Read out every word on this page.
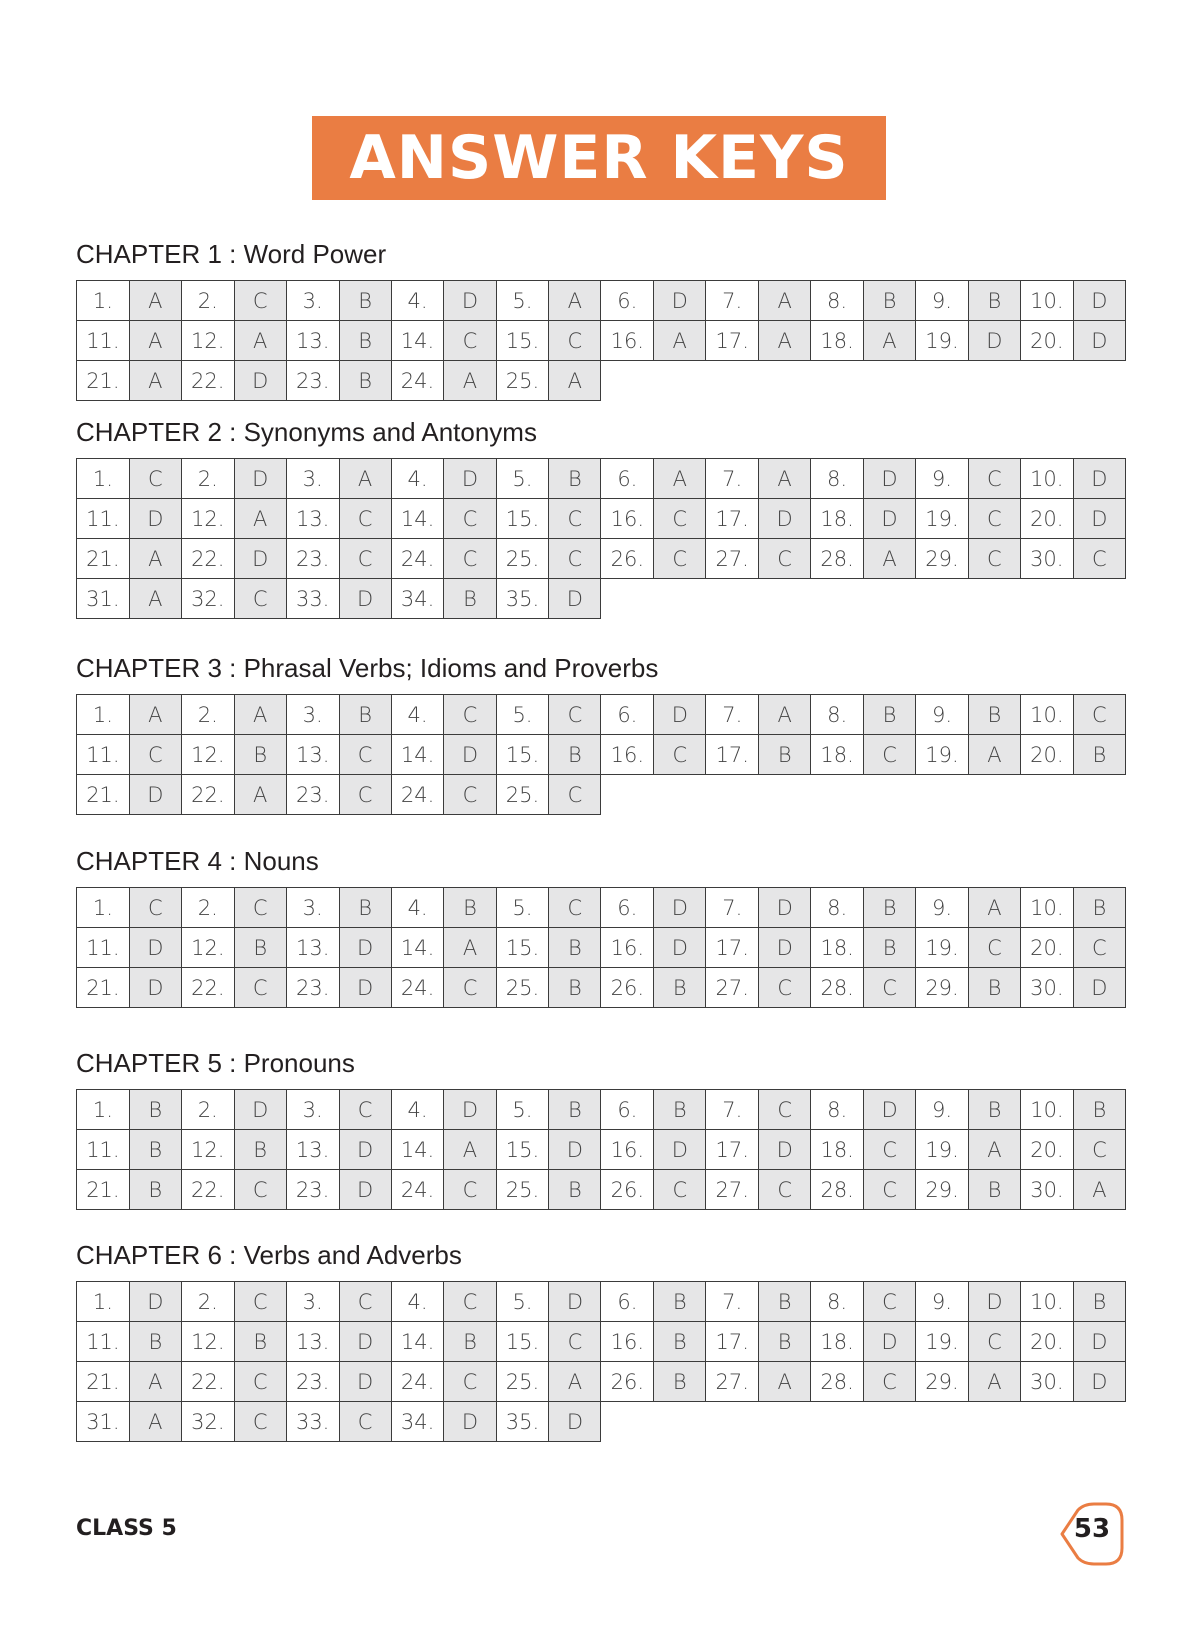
ANSWER KEYS
CHAPTER 1 : Word Power
1.	A	2.	C	3.	B	4.	D	5.	A	6.	D	7.	A	8.	B	9.	B	10.	D
11.	A	12.	A	13.	B	14.	C	15.	C	16.	A	17.	A	18.	A	19.	D	20.	D
21.	A	22.	D	23.	B	24.	A	25.	A										
CHAPTER 2 : Synonyms and Antonyms
1.	C	2.	D	3.	A	4.	D	5.	B	6.	A	7.	A	8.	D	9.	C	10.	D
11.	D	12.	A	13.	C	14.	C	15.	C	16.	C	17.	D	18.	D	19.	C	20.	D
21.	A	22.	D	23.	C	24.	C	25.	C	26.	C	27.	C	28.	A	29.	C	30.	C
31.	A	32.	C	33.	D	34.	B	35.	D										
CHAPTER 3 : Phrasal Verbs; Idioms and Proverbs
1.	A	2.	A	3.	B	4.	C	5.	C	6.	D	7.	A	8.	B	9.	B	10.	C
11.	C	12.	B	13.	C	14.	D	15.	B	16.	C	17.	B	18.	C	19.	A	20.	B
21.	D	22.	A	23.	C	24.	C	25.	C										
CHAPTER 4 : Nouns
1.	C	2.	C	3.	B	4.	B	5.	C	6.	D	7.	D	8.	B	9.	A	10.	B
11.	D	12.	B	13.	D	14.	A	15.	B	16.	D	17.	D	18.	B	19.	C	20.	C
21.	D	22.	C	23.	D	24.	C	25.	B	26.	B	27.	C	28.	C	29.	B	30.	D
CHAPTER 5 : Pronouns
1.	B	2.	D	3.	C	4.	D	5.	B	6.	B	7.	C	8.	D	9.	B	10.	B
11.	B	12.	B	13.	D	14.	A	15.	D	16.	D	17.	D	18.	C	19.	A	20.	C
21.	B	22.	C	23.	D	24.	C	25.	B	26.	C	27.	C	28.	C	29.	B	30.	A
CHAPTER 6 : Verbs and Adverbs
1.	D	2.	C	3.	C	4.	C	5.	D	6.	B	7.	B	8.	C	9.	D	10.	B
11.	B	12.	B	13.	D	14.	B	15.	C	16.	B	17.	B	18.	D	19.	C	20.	D
21.	A	22.	C	23.	D	24.	C	25.	A	26.	B	27.	A	28.	C	29.	A	30.	D
31.	A	32.	C	33.	C	34.	D	35.	D										
CLASS 5	53
